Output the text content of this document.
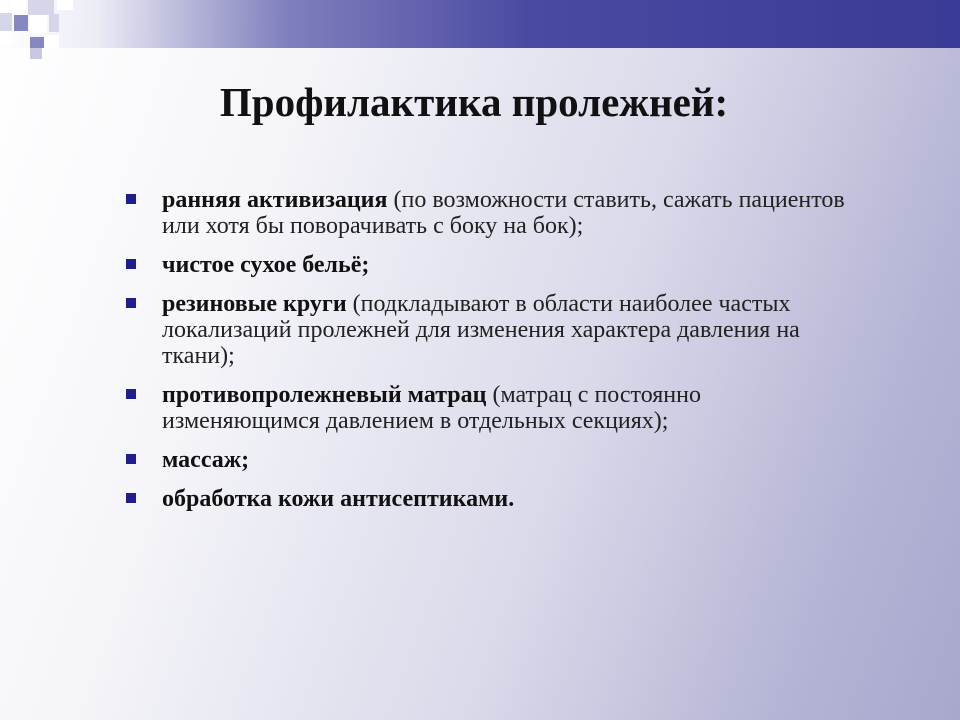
Профилактика пролежней:
ранняя активизация (по возможности ставить, сажать пациентов или хотя бы поворачивать с боку на бок);
чистое сухое бельё;
резиновые круги (подкладывают в области наиболее частых локализаций пролежней для изменения характера давления на ткани);
противопролежневый матрац (матрац с постоянно изменяющимся давлением в отдельных секциях);
массаж;
обработка кожи антисептиками.
